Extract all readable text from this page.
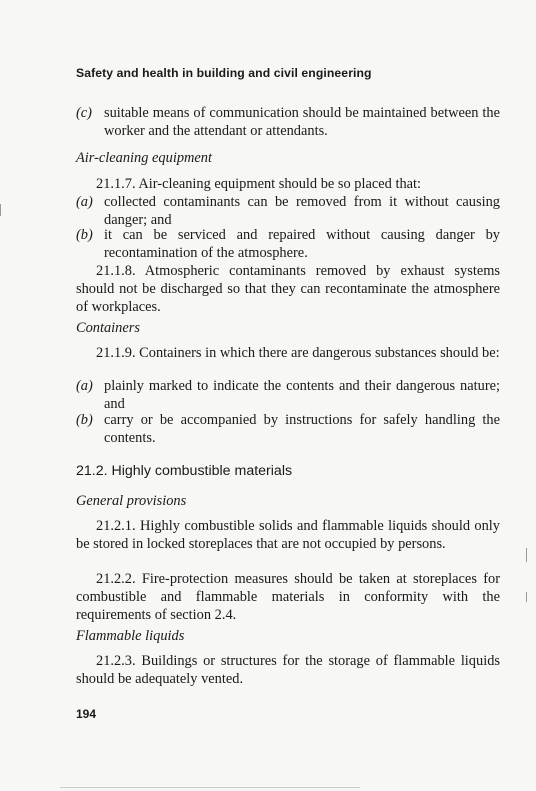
Safety and health in building and civil engineering
(c) suitable means of communication should be maintained between the worker and the attendant or attendants.
Air-cleaning equipment
21.1.7. Air-cleaning equipment should be so placed that:
(a) collected contaminants can be removed from it without causing danger; and
(b) it can be serviced and repaired without causing danger by recontamination of the atmosphere.
21.1.8. Atmospheric contaminants removed by exhaust systems should not be discharged so that they can recontaminate the atmosphere of workplaces.
Containers
21.1.9. Containers in which there are dangerous substances should be:
(a) plainly marked to indicate the contents and their dangerous nature; and
(b) carry or be accompanied by instructions for safely handling the contents.
21.2. Highly combustible materials
General provisions
21.2.1. Highly combustible solids and flammable liquids should only be stored in locked storeplaces that are not occupied by persons.
21.2.2. Fire-protection measures should be taken at storeplaces for combustible and flammable materials in conformity with the requirements of section 2.4.
Flammable liquids
21.2.3. Buildings or structures for the storage of flammable liquids should be adequately vented.
194
